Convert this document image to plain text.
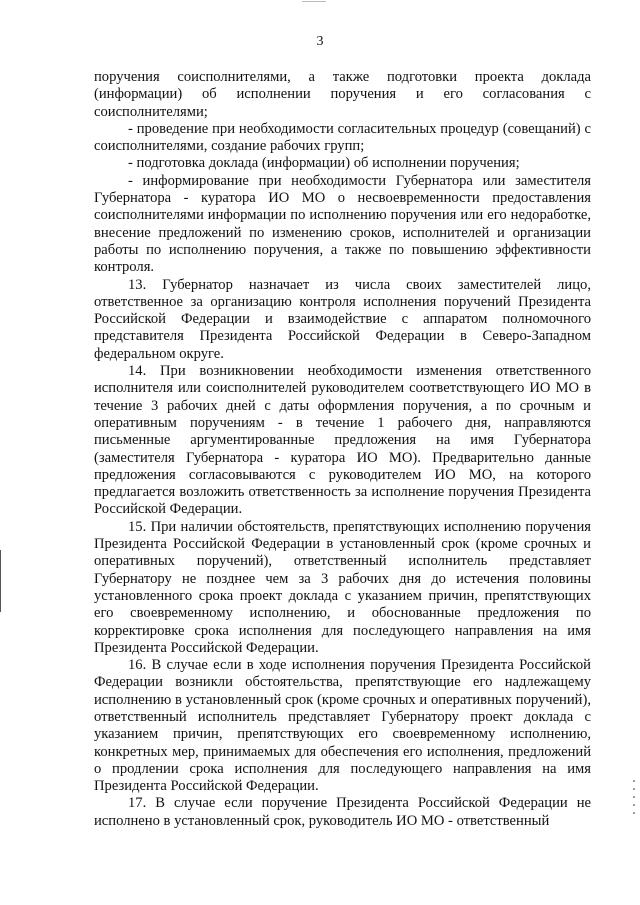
3

поручения соисполнителями, а также подготовки проекта доклада (информации) об исполнении поручения и его согласования с соисполнителями;

- проведение при необходимости согласительных процедур (совещаний) с соисполнителями, создание рабочих групп;

- подготовка доклада (информации) об исполнении поручения;

- информирование при необходимости Губернатора или заместителя Губернатора - куратора ИО МО о несвоевременности предоставления соисполнителями информации по исполнению поручения или его недоработке, внесение предложений по изменению сроков, исполнителей и организации работы по исполнению поручения, а также по повышению эффективности контроля.

13. Губернатор назначает из числа своих заместителей лицо, ответственное за организацию контроля исполнения поручений Президента Российской Федерации и взаимодействие с аппаратом полномочного представителя Президента Российской Федерации в Северо-Западном федеральном округе.

14. При возникновении необходимости изменения ответственного исполнителя или соисполнителей руководителем соответствующего ИО МО в течение 3 рабочих дней с даты оформления поручения, а по срочным и оперативным поручениям - в течение 1 рабочего дня, направляются письменные аргументированные предложения на имя Губернатора (заместителя Губернатора - куратора ИО МО). Предварительно данные предложения согласовываются с руководителем ИО МО, на которого предлагается возложить ответственность за исполнение поручения Президента Российской Федерации.

15. При наличии обстоятельств, препятствующих исполнению поручения Президента Российской Федерации в установленный срок (кроме срочных и оперативных поручений), ответственный исполнитель представляет Губернатору не позднее чем за 3 рабочих дня до истечения половины установленного срока проект доклада с указанием причин, препятствующих его своевременному исполнению, и обоснованные предложения по корректировке срока исполнения для последующего направления на имя Президента Российской Федерации.

16. В случае если в ходе исполнения поручения Президента Российской Федерации возникли обстоятельства, препятствующие его надлежащему исполнению в установленный срок (кроме срочных и оперативных поручений), ответственный исполнитель представляет Губернатору проект доклада с указанием причин, препятствующих его своевременному исполнению, конкретных мер, принимаемых для обеспечения его исполнения, предложений о продлении срока исполнения для последующего направления на имя Президента Российской Федерации.

17. В случае если поручение Президента Российской Федерации не исполнено в установленный срок, руководитель ИО МО - ответственный
